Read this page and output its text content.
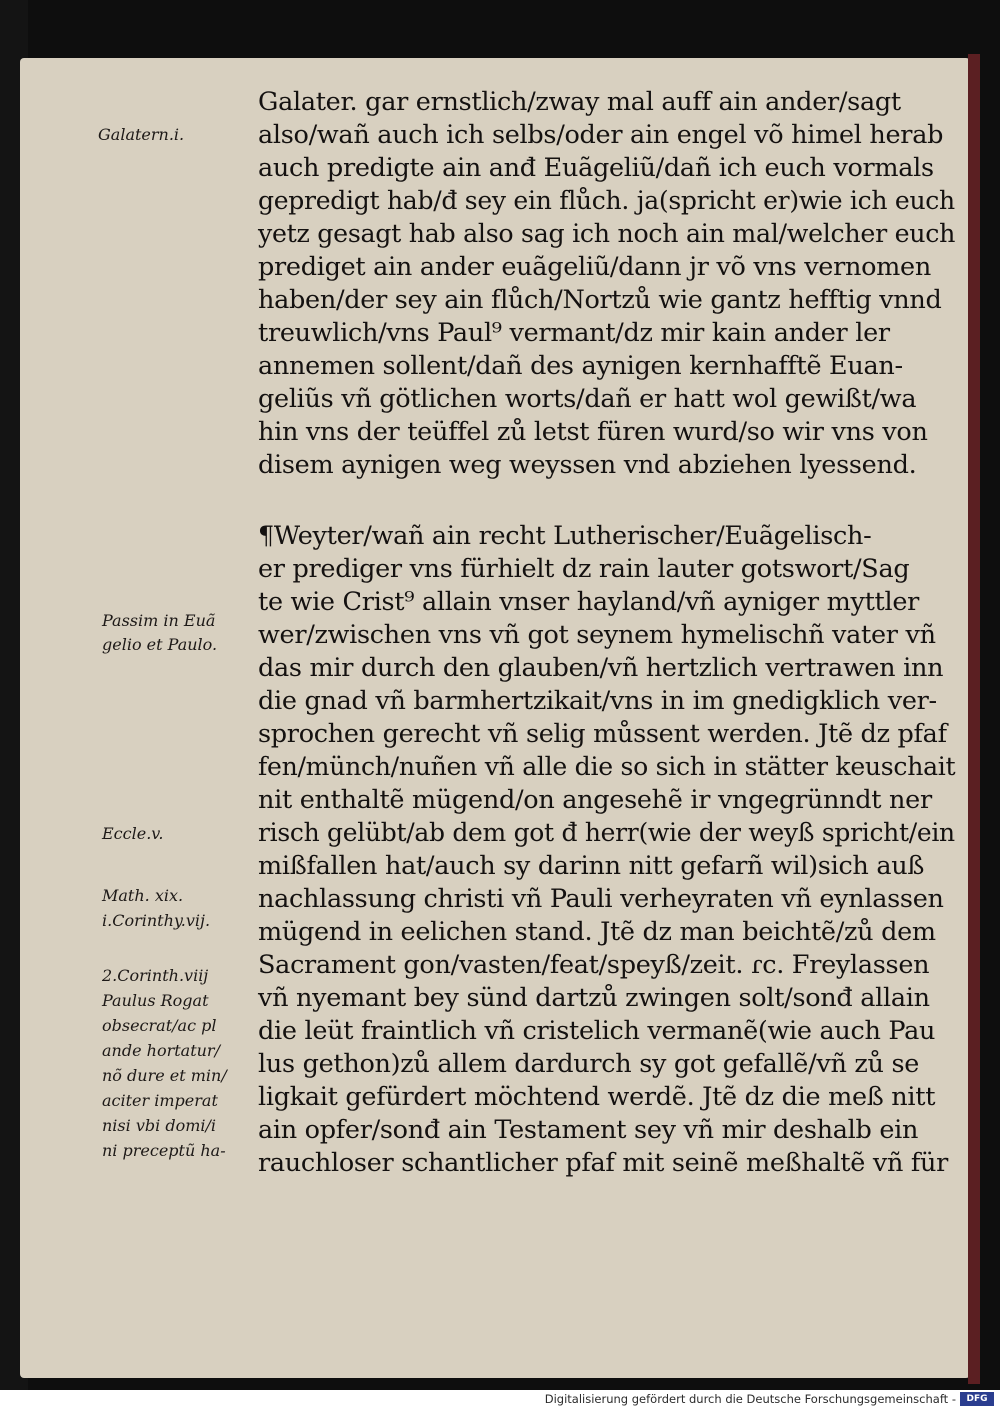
Galater. gar ernstlich/zway mal auff ain ander/sagt
also/wañ auch ich selbs/oder ain engel võ himel herab
auch predigte ain anđ Euãgeliũ/dañ ich euch vormals
gepredigt hab/đ sey ein flůch. ja(spricht er)wie ich euch
yetz gesagt hab also sag ich noch ain mal/welcher euch
prediget ain ander euãgeliũ/dann jr võ vns vernomen
haben/der sey ain flůch/Nortzů wie gantz hefftig vnnd
treuwlich/vns Paul⁹ vermant/dz mir kain ander ler
annemen sollent/dañ des aynigen kernhafftẽ Euan-
geliũs vñ götlichen worts/dañ er hatt wol gewißt/wa
hin vns der teüffel zů letst füren wurd/so wir vns von
disem aynigen weg weyssen vnd abziehen lyessend.
¶Weyter/wañ ain recht Lutherischer/Euãgelisch-
er prediger vns fürhielt dz rain lauter gotswort/Sag
te wie Crist⁹ allain vnser hayland/vñ ayniger myttler
wer/zwischen vns vñ got seynem hymelischñ vater vñ
das mir durch den glauben/vñ hertzlich vertrawen inn
die gnad vñ barmhertzikait/vns in im gnedigklich ver-
sprochen gerecht vñ selig můssent werden. Jtẽ dz pfaf
fen/münch/nuñen vñ alle die so sich in stätter keuschait
nit enthaltẽ mügend/on angesehẽ ir vngegrünndt ner
risch gelübt/ab dem got đ herr(wie der weyß spricht/ein
mißfallen hat/auch sy darinn nitt gefarñ wil)sich auß
nachlassung christi vñ Pauli verheyraten vñ eynlassen
mügend in eelichen stand. Jtẽ dz man beichtẽ/zů dem
Sacrament gon/vasten/feat/speyß/zeit. ɾc. Freylassen
vñ nyemant bey sünd dartzů zwingen solt/sonđ allain
die leüt fraintlich vñ cristelich vermanẽ(wie auch Pau
lus gethon)zů allem dardurch sy got gefallẽ/vñ zů se
ligkait gefürdert möchtend werdẽ. Jtẽ dz die meß nitt
ain opfer/sonđ ain Testament sey vñ mir deshalb ein
rauchloser schantlicher pfaf mit seinẽ meßhaltẽ vñ für
Galatern.i.
Passim in Euã
gelio et Paulo.
Eccle.v.
Math. xix.
i.Corinthy.vij.
2.Corinth.viij
Paulus Rogat
obsecrat/ac pl
ande hortatur/
nõ dure et min/
aciter imperat
nisi vbi domi/i
ni preceptũ ha-
Digitalisierung gefördert durch die Deutsche Forschungsgemeinschaft -	DFG
